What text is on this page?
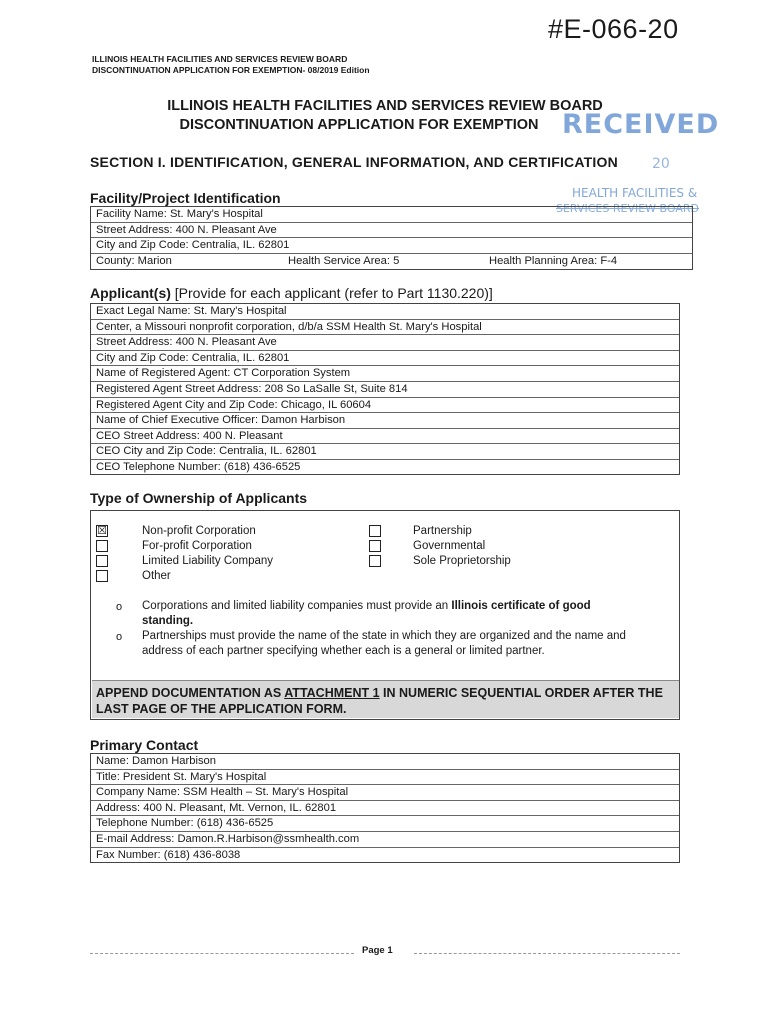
#E-066-20
ILLINOIS HEALTH FACILITIES AND SERVICES REVIEW BOARD
DISCONTINUATION APPLICATION FOR EXEMPTION- 08/2019 Edition
ILLINOIS HEALTH FACILITIES AND SERVICES REVIEW BOARD
DISCONTINUATION APPLICATION FOR EXEMPTION RECEIVED
20
HEALTH FACILITIES &
SERVICES REVIEW BOARD
SECTION I. IDENTIFICATION, GENERAL INFORMATION, AND CERTIFICATION
Facility/Project Identification
Facility Name: St. Mary's Hospital
Street Address: 400 N. Pleasant Ave
City and Zip Code: Centralia, IL. 62801
County: Marion	Health Service Area: 5	Health Planning Area: F-4
Applicant(s) [Provide for each applicant (refer to Part 1130.220)]
Exact Legal Name: St. Mary's Hospital
Center, a Missouri nonprofit corporation, d/b/a SSM Health St. Mary's Hospital
Street Address: 400 N. Pleasant Ave
City and Zip Code: Centralia, IL. 62801
Name of Registered Agent: CT Corporation System
Registered Agent Street Address: 208 So LaSalle St, Suite 814
Registered Agent City and Zip Code: Chicago, IL 60604
Name of Chief Executive Officer: Damon Harbison
CEO Street Address: 400 N. Pleasant
CEO City and Zip Code: Centralia, IL. 62801
CEO Telephone Number: (618) 436-6525
Type of Ownership of Applicants
☒	Non-profit Corporation
For-profit Corporation
Limited Liability Company
Other
Partnership
Governmental
Sole Proprietorship
o Corporations and limited liability companies must provide an Illinois certificate of good standing.
o Partnerships must provide the name of the state in which they are organized and the name and address of each partner specifying whether each is a general or limited partner.
APPEND DOCUMENTATION AS ATTACHMENT 1 IN NUMERIC SEQUENTIAL ORDER AFTER THE LAST PAGE OF THE APPLICATION FORM.
Primary Contact
Name: Damon Harbison
Title: President St. Mary's Hospital
Company Name: SSM Health – St. Mary's Hospital
Address: 400 N. Pleasant, Mt. Vernon, IL. 62801
Telephone Number: (618) 436-6525
E-mail Address: Damon.R.Harbison@ssmhealth.com
Fax Number: (618) 436-8038
Page 1
